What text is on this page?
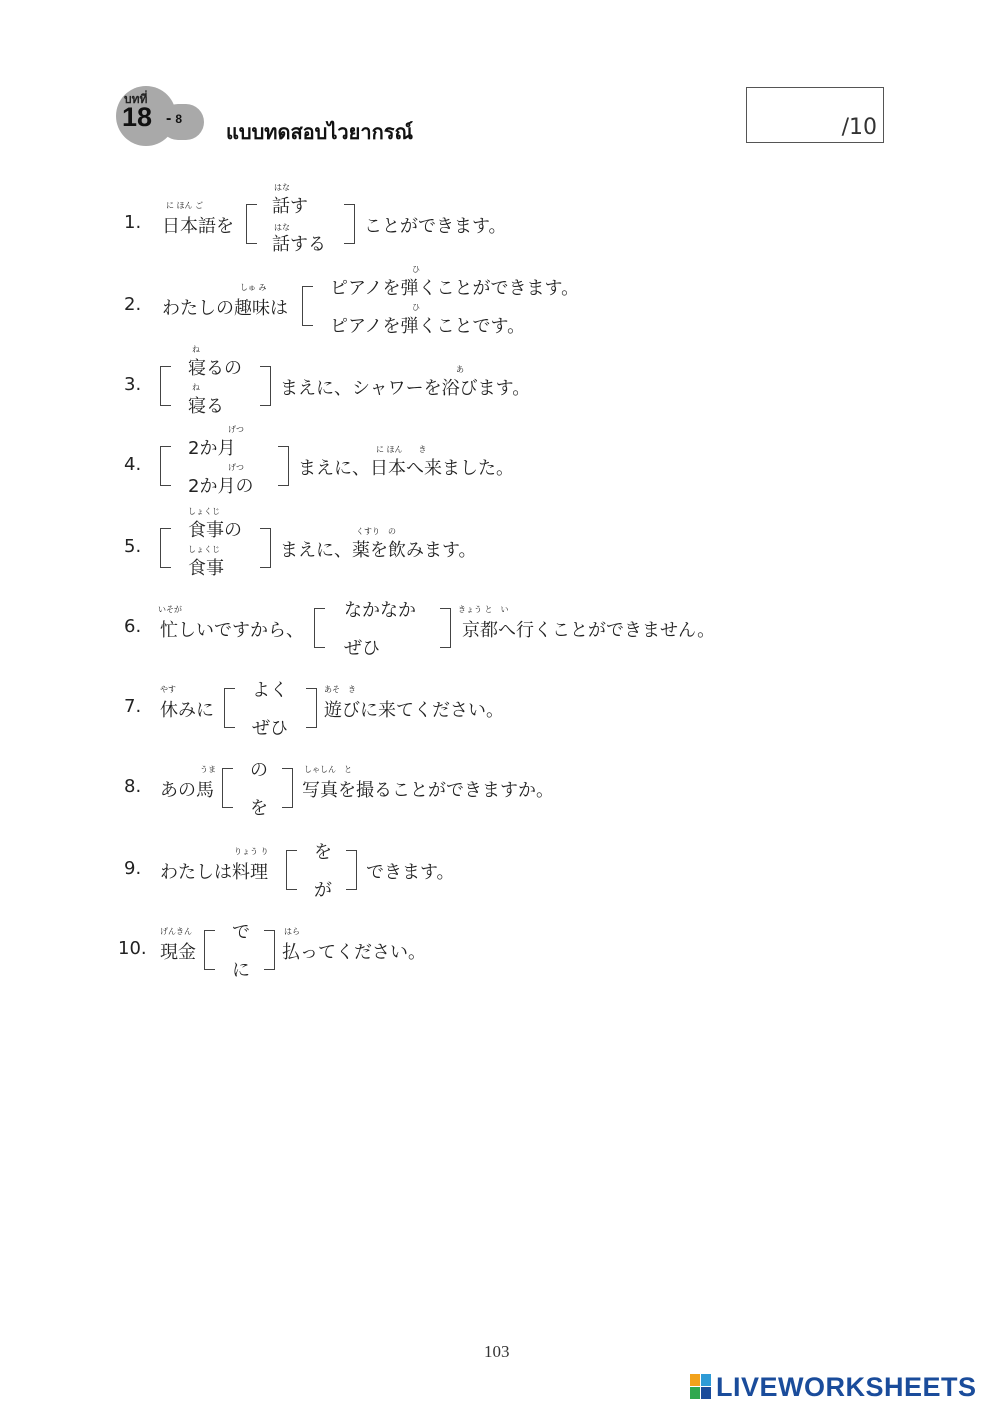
บทที่
18 - 8
แบบทดสอบไวยากรณ์	/10
1. 日本語を
に ほん ご	話す
はな
話する
はな	ことができます。
2. わたしの趣味は
しゅ み	ピアノを弾くことができます。
ひ
ピアノを弾くことです。
ひ
3.
寝るの
ね
寝る
ね	まえに、シャワーを浴びます。
あ
4.
2か月
げつ
2か月の
げつ	まえに、日本へ来ました。
に ほん　　き
5.
食事の
しょくじ
食事
しょくじ	まえに、薬を飲みます。
くすり　の
6. 忙しいですから、
いそが	なかなか
ぜひ
京都へ行くことができません。
きょう と　い
7. 休みに
やす	よく
ぜひ
遊びに来てください。
あそ　き
8. あの馬
うま の
を
写真を撮ることができますか。
しゃしん　と
9. わたしは料理
りょう り	を
が
できます。
10. 現金
げんきん で
に
払ってください。
はら
103
LIVEWORKSHEETS
